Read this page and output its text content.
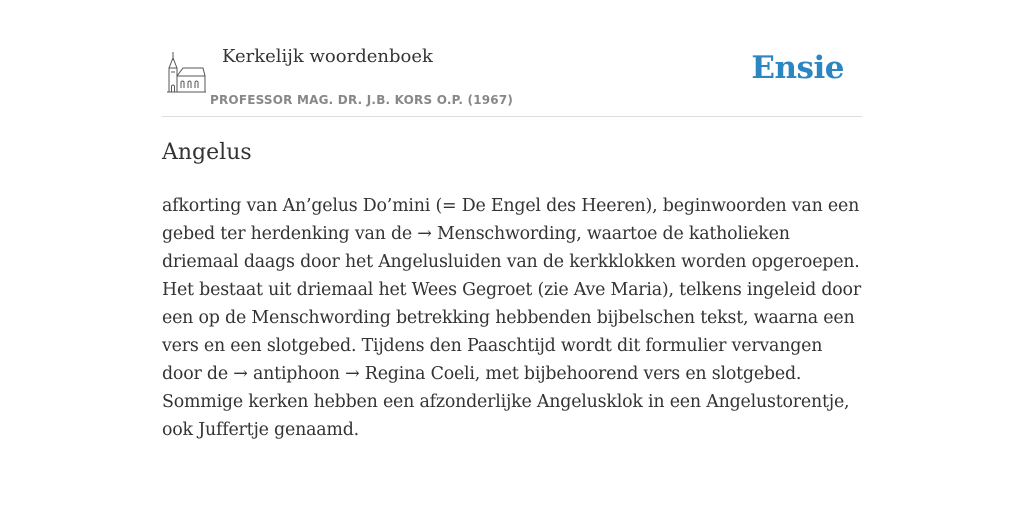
Kerkelijk woordenboek
PROFESSOR MAG. DR. J.B. KORS O.P. (1967)
Ensie
Angelus

afkorting van An’gelus Do’mini (= De Engel des Heeren), beginwoorden van een gebed ter herdenking van de → Menschwording, waartoe de katholieken driemaal daags door het Angelusluiden van de kerkklokken worden opgeroepen. Het bestaat uit driemaal het Wees Gegroet (zie Ave Maria), telkens ingeleid door een op de Menschwording betrekking hebbenden bijbelschen tekst, waarna een vers en een slotgebed. Tijdens den Paaschtijd wordt dit formulier vervangen door de → antiphoon → Regina Coeli, met bijbehoorend vers en slotgebed. Sommige kerken hebben een afzonderlijke Angelusklok in een Angelustorentje, ook Juffertje genaamd.
